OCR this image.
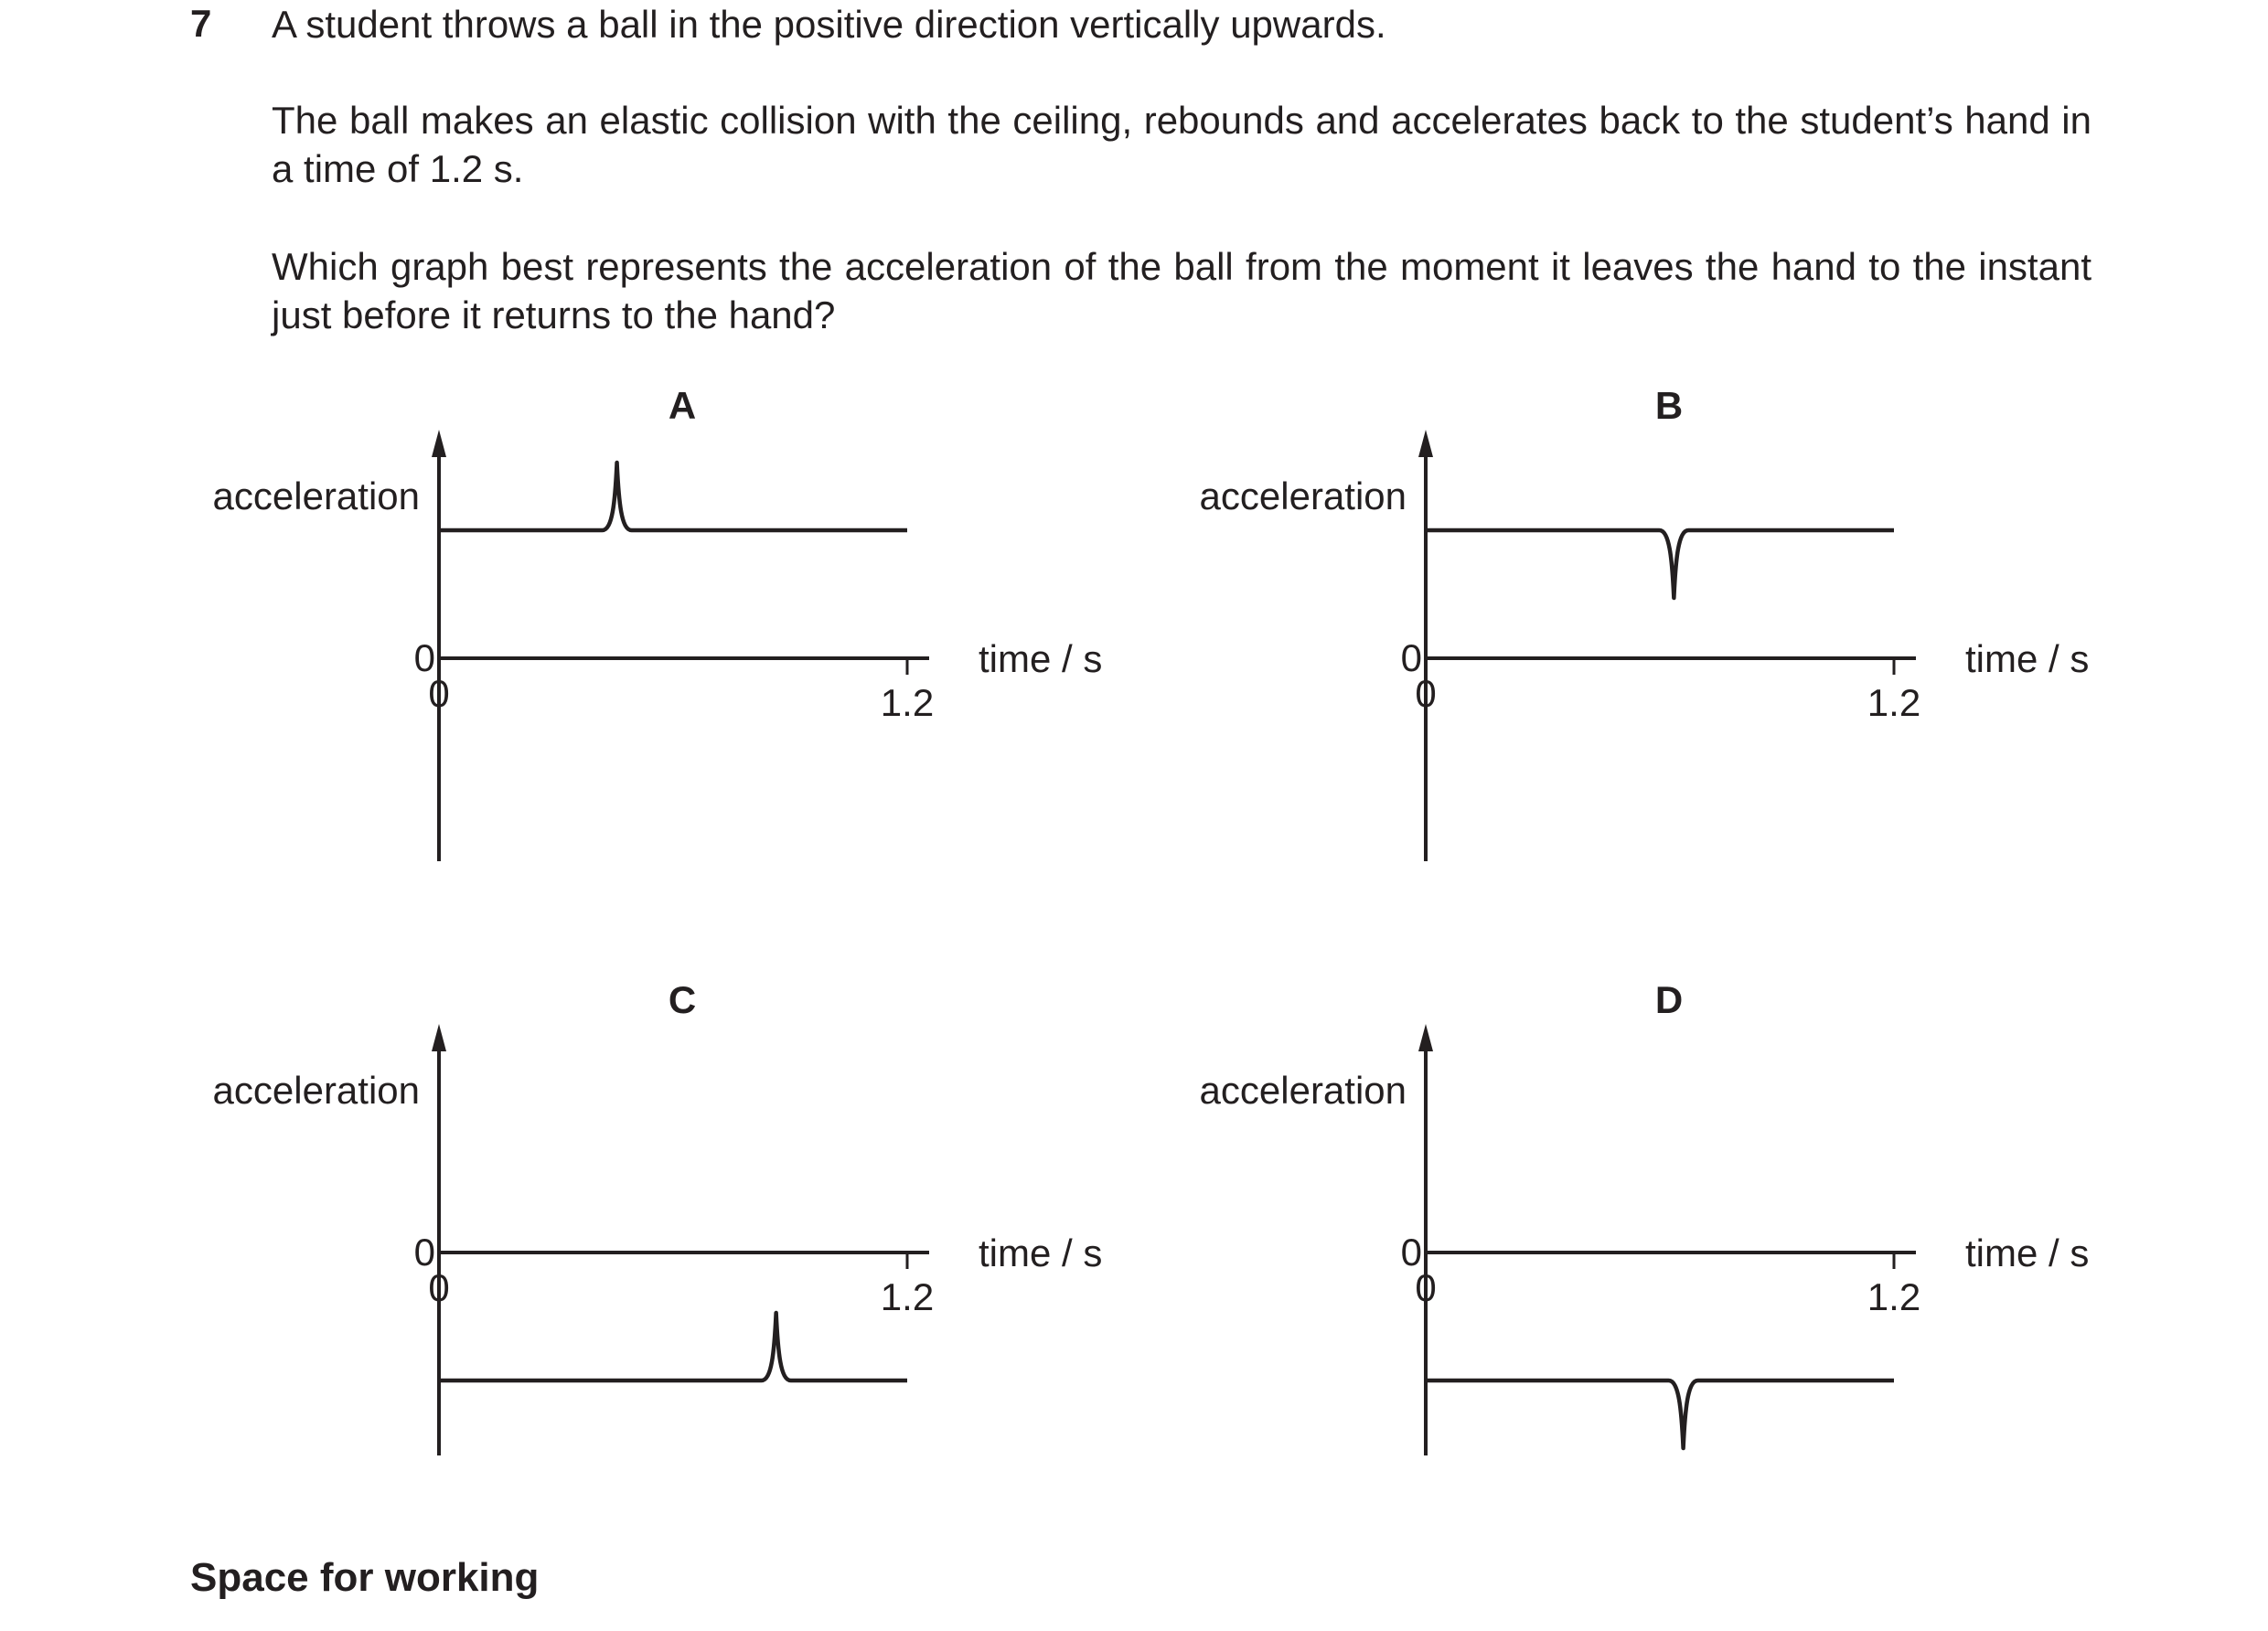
7 A student throws a ball in the positive direction vertically upwards.

The ball makes an elastic collision with the ceiling, rebounds and accelerates back to the student’s hand in a time of 1.2 s.

Which graph best represents the acceleration of the ball from the moment it leaves the hand to the instant just before it returns to the hand?

A
acceleration
time / s
0
0	1.2
B
acceleration
time / s
0
0	1.2
C
acceleration
time / s
0
0	1.2
D
acceleration
time / s
0
0	1.2
Space for working
